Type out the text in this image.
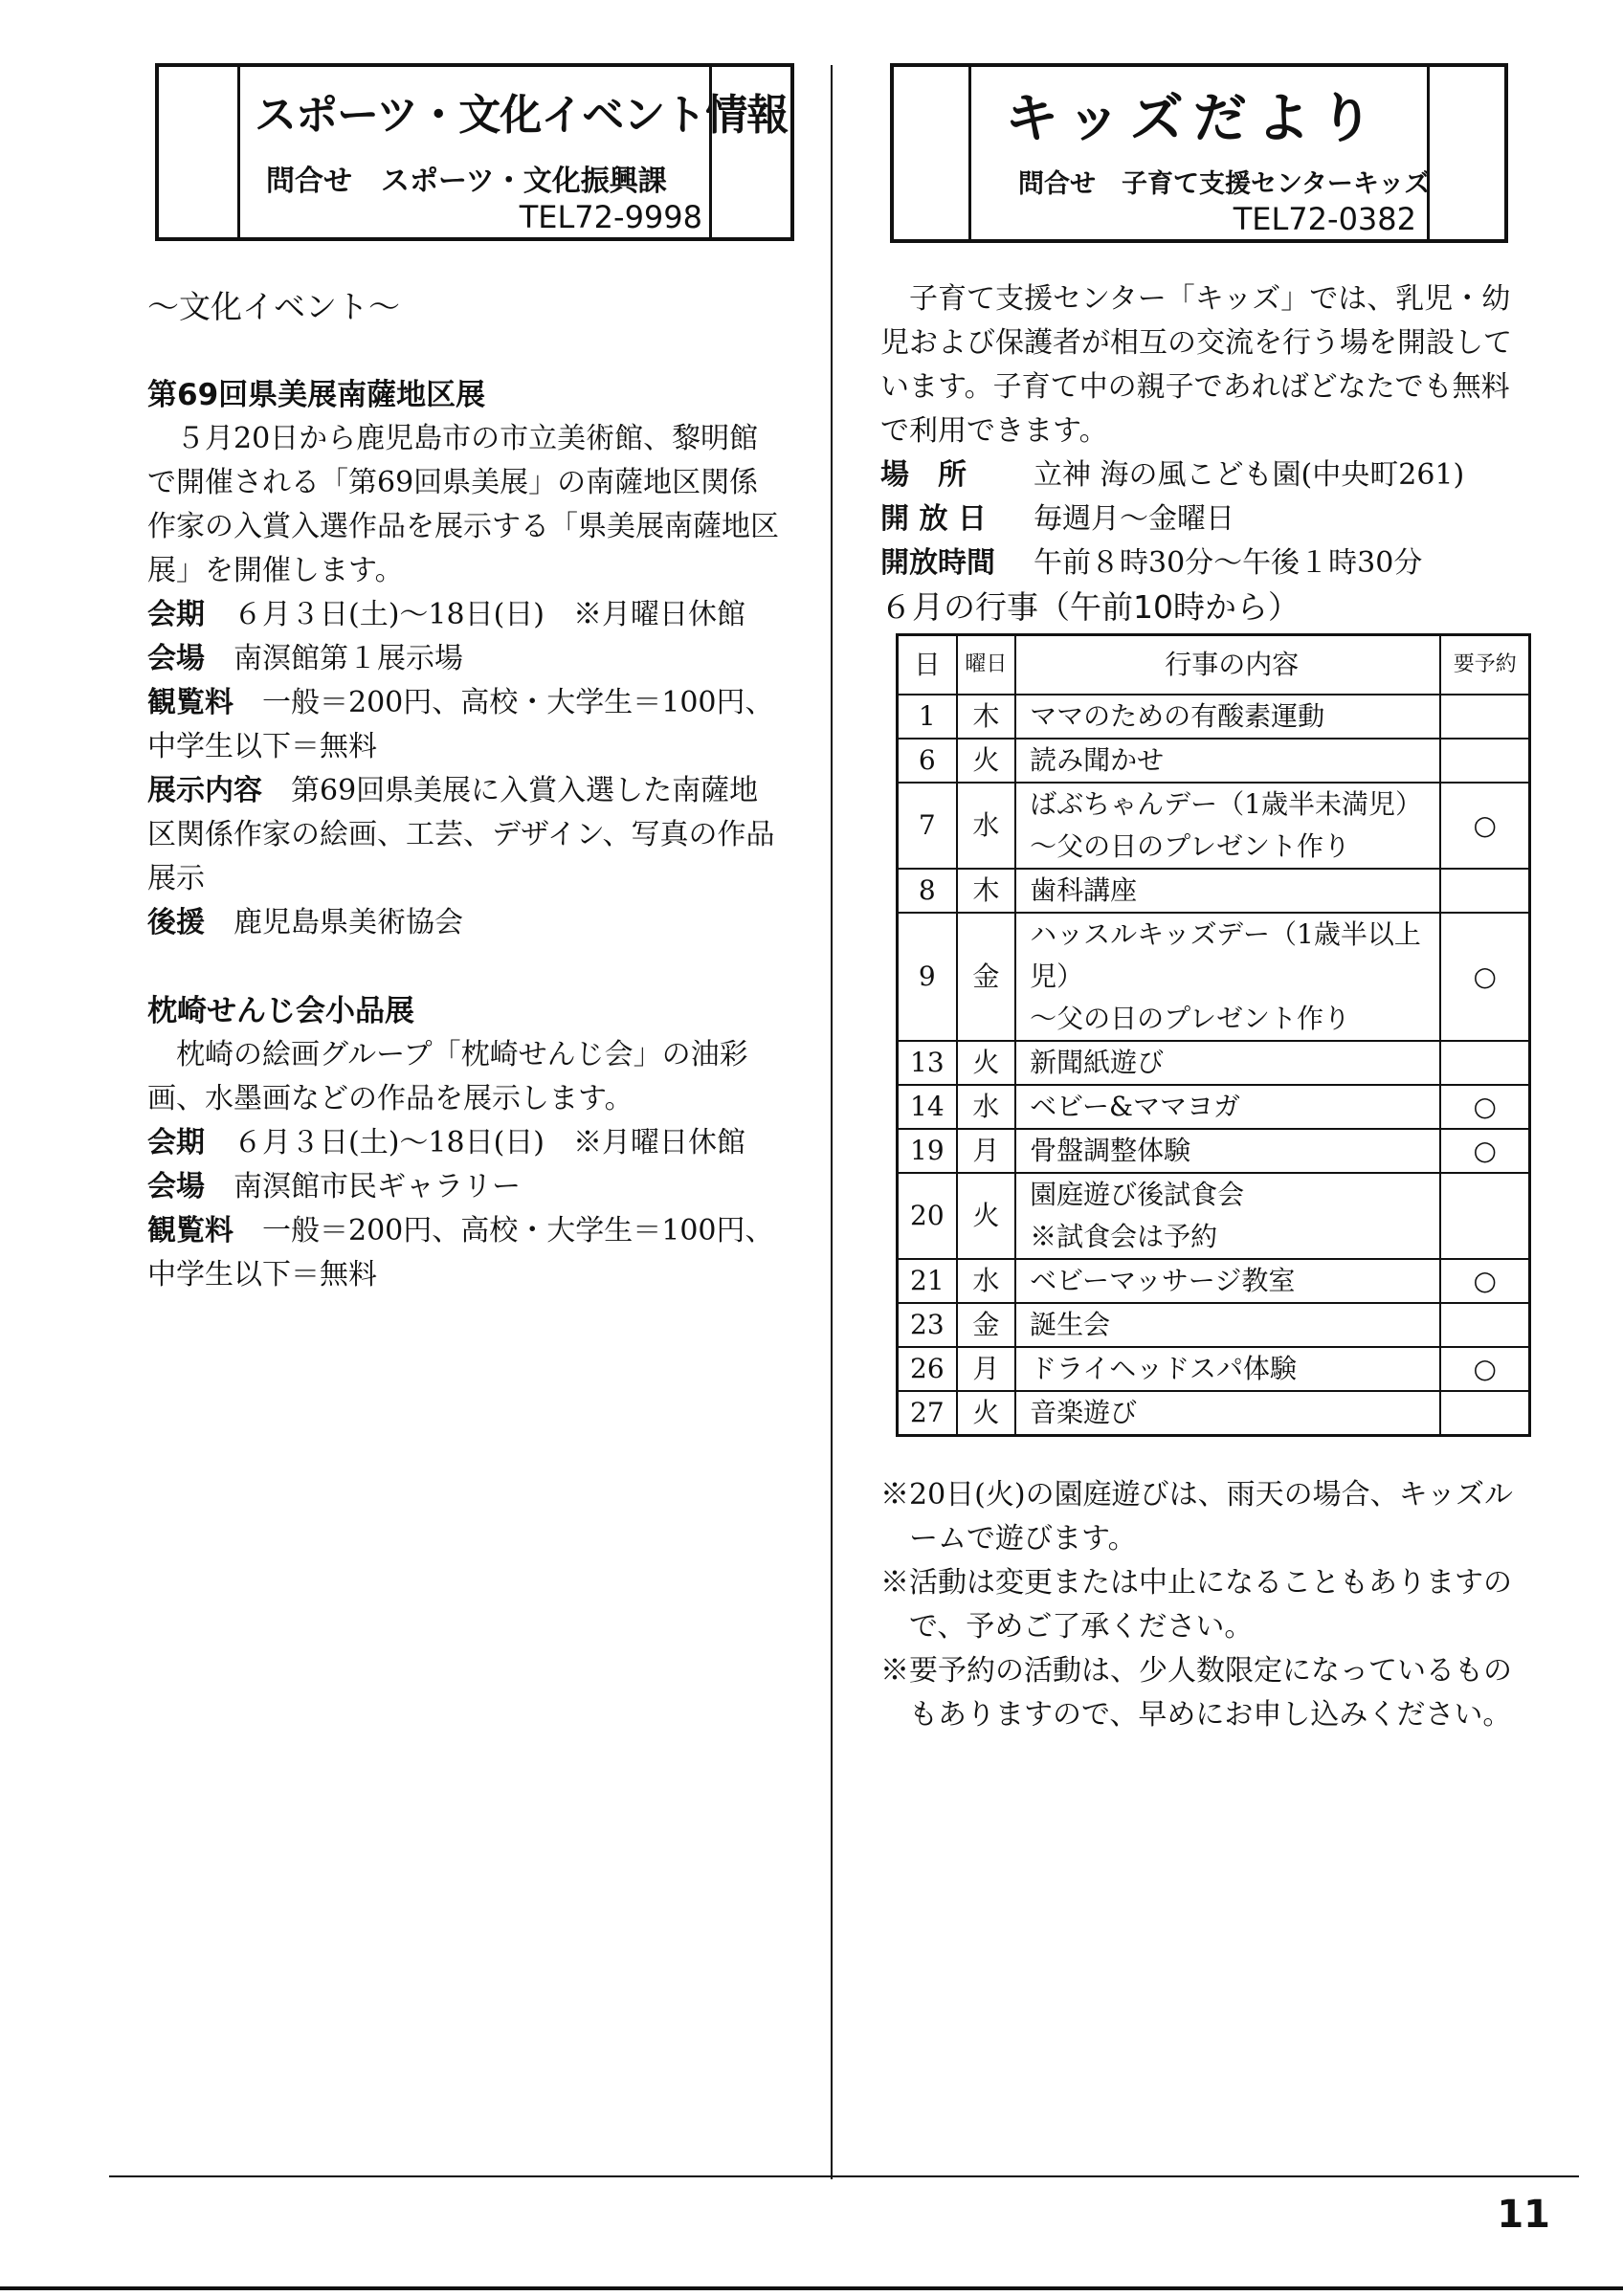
スポーツ・文化イベント情報
問合せ　スポーツ・文化振興課
TEL72-9998
キッズだより
問合せ　子育て支援センターキッズ
TEL72-0382

～文化イベント～

第69回県美展南薩地区展

５月20日から鹿児島市の市立美術館、黎明館で開催される「第69回県美展」の南薩地区関係作家の入賞入選作品を展示する「県美展南薩地区展」を開催します。

会期　 ６月３日(土)～18日(日)　※月曜日休館

会場　 南溟館第１展示場

観覧料　 一般＝200円、高校・大学生＝100円、中学生以下＝無料

展示内容　 第69回県美展に入賞入選した南薩地区関係作家の絵画、工芸、デザイン、写真の作品展示

後援　 鹿児島県美術協会

枕崎せんじ会小品展

枕崎の絵画グループ「枕崎せんじ会」の油彩画、水墨画などの作品を展示します。

会期　 ６月３日(土)～18日(日)　※月曜日休館

会場　 南溟館市民ギャラリー

観覧料　 一般＝200円、高校・大学生＝100円、中学生以下＝無料

子育て支援センター「キッズ」では、乳児・幼児および保護者が相互の交流を行う場を開設しています。子育て中の親子であればどなたでも無料で利用できます。

場　所	立神 海の風こども園(中央町261)
開 放 日	毎週月～金曜日
開放時間	午前８時30分～午後１時30分

６月の行事（午前10時から）

日	曜日	行事の内容	要予約
1	木	ママのための有酸素運動	

6	火	読み聞かせ	

7	水	ばぶちゃんデー（1歳半未満児）
～父の日のプレゼント作り	○
8	木	歯科講座	

9	金	ハッスルキッズデー（1歳半以上児）
～父の日のプレゼント作り	○
13	火	新聞紙遊び	

14	水	ベビー&ママヨガ	○
19	月	骨盤調整体験	○
20	火	園庭遊び後試食会
※試食会は予約	

21	水	ベビーマッサージ教室	○
23	金	誕生会	

26	月	ドライヘッドスパ体験	○
27	火	音楽遊び	

※20日(火)の園庭遊びは、雨天の場合、キッズルームで遊びます。

※活動は変更または中止になることもありますので、予めご了承ください。

※要予約の活動は、少人数限定になっているものもありますので、早めにお申し込みください。

11
